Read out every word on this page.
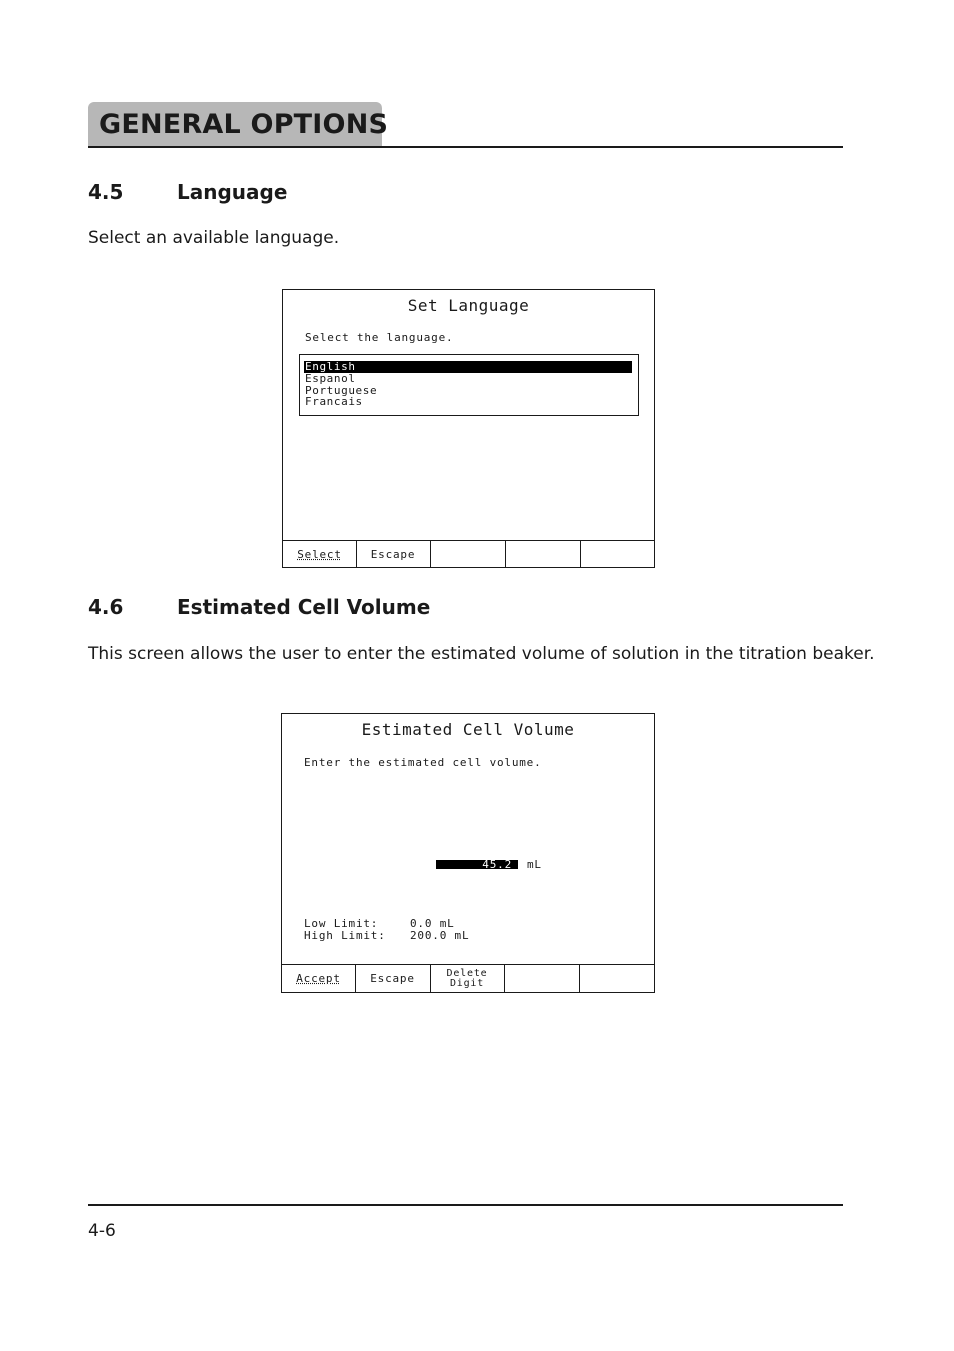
GENERAL OPTIONS
4.5	Language
Select an available language.
Set Language
Select the language.
English
Espanol
Portuguese
Francais
Select	Escape
4.6	Estimated Cell Volume
This screen allows the user to enter the estimated volume of solution in the titration beaker.
Estimated Cell Volume
Enter the estimated cell volume.
45.2	mL
Low Limit:	0.0 mL
High Limit: 200.0 mL
Accept	Escape	Delete
Digit
4-6
